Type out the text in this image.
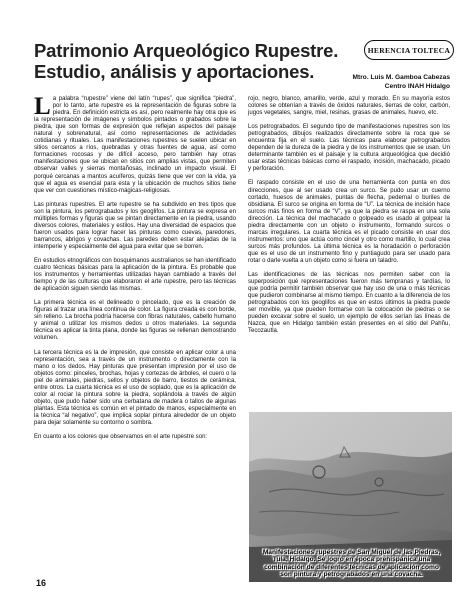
Patrimonio Arqueológico Rupestre.
Estudio, análisis y aportaciones.
HERENCIA TOLTECA
Mtro. Luis M. Gamboa Cabezas
Centro INAH Hidalgo

La palabra “rupestre” viene del latín “rupes”, que significa “piedra”, por lo tanto, arte rupestre es la representación de figuras sobre la piedra. En definición estricta es así, pero realmente hay otra que es la representación de imágenes y símbolos pintados o grabados sobre la piedra, que son formas de expresión que reflejan aspectos del paisaje natural y sobrenatural, así como representaciones de actividades cotidianas y rituales. Las manifestaciones rupestres se suelen ubicar en sitios cercanos a ríos, quebradas y otras fuentes de agua, así como formaciones rocosas y de difícil acceso, pero también hay otras manifestaciones que se ubican en sitios con amplias vistas, que permiten observar valles y sierras montañosas, inclinado un impacto visual. El porqué cercanas a mantos acuíferos, quizás tiene que ver con la vida, ya que el agua es esencial para esta y la ubicación de muchos sitios tiene que ver con cuestiones místico-mágicas-religiosas.

Las pinturas rupestres. El arte rupestre se ha subdivido en tres tipos que son la pintura, los petrograbados y los geoglifos. La pintura se expresa en múltiples formas y figuras que se pintan directamente en la piedra, usando diversos colores, materiales y estilos. Hay una diversidad de espacios que fueron usados para lograr hacer las pinturas como cuevas, paredones, barrancos, abrigos y covachas. Las paredes deben estar alejadas de la intemperie y especialmente del agua para evitar que se borren.

En estudios etnográficos con bosquimanos australianos se han identificado cuatro técnicas básicas para la aplicación de la pintura. Es probable que los instrumentos y herramientas utilizadas hayan cambiado a través del tiempo y de las culturas que elaboraron el arte rupestre, pero las técnicas de aplicación siguen siendo las mismas.

La primera técnica es el delineado o pincelado, que es la creación de figuras al trazar una línea continua de color. La figura creada es con borde, sin relleno. La brocha podría hacerse con fibras naturales, cabello humano y animal o utilizar los mismos dedos u otros materiales. La segunda técnica es aplicar la tinta plana, donde las figuras se rellenan demostrando volumen.

La tercera técnica es la de impresión, que consiste en aplicar color a una representación, sea a través de un instrumento o directamente con la mano o los dedos. Hay pinturas que presentan impresión por el uso de objetos como: pinceles, brochas, hojas y cortezas de árboles, el cuero o la piel de animales, piedras, sellos y objetos de barro, tiestos de cerámica, entre otros. La cuarta técnica es el uso de soplado, que es la aplicación de color al rociar la pintura sobre la piedra, soplándola a través de algún objeto, que pudo haber sido una cerbatana de madera o tallos de algunas plantas. Esta técnica es común en el pintado de manos, especialmente en la técnica “al negativo”, que implica soplar pintura alrededor de un objeto para dejar solamente su contorno o sombra.

En cuanto a los colores que observamos en el arte rupestre son:

rojo, negro, blanco, amarillo, verde, azul y morado. En su mayoría estos colores se obtenían a través de óxidos naturales, tierras de color, carbón, jugos vegetales, sangre, miel, resinas, grasas de animales, huevo, etc.

Los petrograbados. El segundo tipo de manifestaciones rupestres son los petrograbados, dibujos realizados directamente sobre la roca que se encuentra fija en el suelo. Las técnicas para elaborar petrograbados dependen de la dureza de la piedra y de los instrumentos que se usan. Un determinante también es el paisaje y la cultura arqueológica que decidió usar estas técnicas básicas como el raspado, incisión, machacado, picado y perforación.

El raspado consiste en el uso de una herramienta con punta en dos direcciones, que al ser usado crea un surco. Se pudo usar un cuerno cortado, huesos de animales, puntas de flecha, pedernal o buriles de obsidiana. El surco se origina en forma de “U”. La técnica de incisión hace surcos más finos en forma de “V”, ya que la piedra se raspa en una sola dirección. La técnica del machacado o golpeado es usado al golpear la piedra directamente con un objeto o instrumento, formando surcos o marcas irregulares. La cuarta técnica es el picado consiste en usar dos instrumentos: uno que actúa como cincel y otro como martillo, lo cual crea surcos más profundos. La última técnica es la horadación o perforación que es el uso de un instrumento fino y puntiagudo para ser usado para rotar o darle vuelta a un objeto como si fuera un taladro.

Las identificaciones de las técnicas nos permiten saber con la superposición qué representaciones fueron más tempranas y tardías, lo que podría permitir también observar que hay uso de una o más técnicas que pudieron combinarse al mismo tiempo. En cuanto a la diferencia de los petrograbados con los geoglifos es que en estos últimos la piedra puede ser movible, ya que pueden formarse con la colocación de piedras o se pueden excavar sobre el suelo, un ejemplo de ellos serían las líneas de Nazca, que en Hidalgo también están presentes en el sitio del Pahñu, Tecozautla.

Manifestaciones rupestres de San Miguel de las Piedras, Tula, Hidalgo. Se logró en época prehispánica una combinación de diferentes técnicas de aplicación como son pintura y petrograbados en una covacha.
16
